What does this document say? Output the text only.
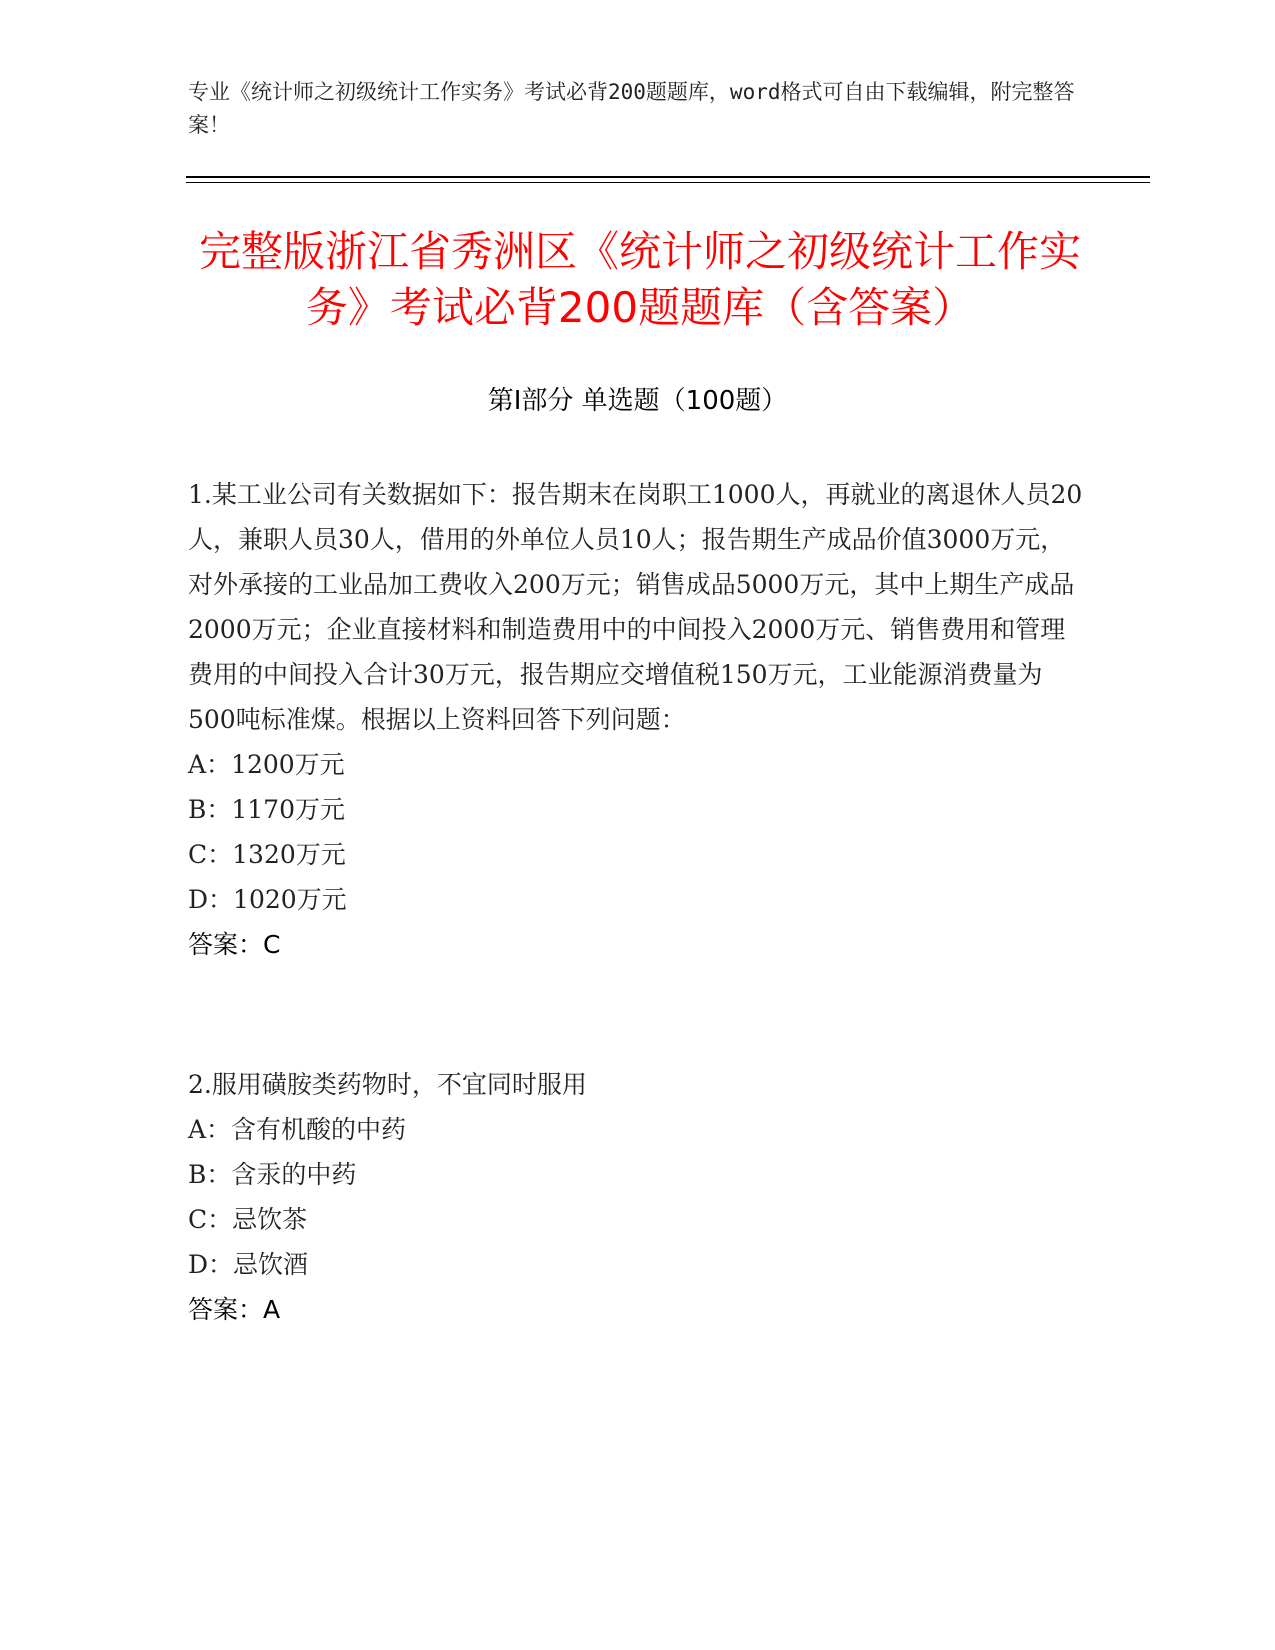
专业《统计师之初级统计工作实务》考试必背200题题库，word格式可自由下载编辑，附完整答案！
完整版浙江省秀洲区《统计师之初级统计工作实务》考试必背200题题库（含答案）
第I部分 单选题（100题）

1.某工业公司有关数据如下：报告期末在岗职工1000人，再就业的离退休人员20人，兼职人员30人，借用的外单位人员10人；报告期生产成品价值3000万元，对外承接的工业品加工费收入200万元；销售成品5000万元，其中上期生产成品2000万元；企业直接材料和制造费用中的中间投入2000万元、销售费用和管理费用的中间投入合计30万元，报告期应交增值税150万元，工业能源消费量为500吨标准煤。根据以上资料回答下列问题：

A：1200万元

B：1170万元

C：1320万元

D：1020万元

答案：C

2.服用磺胺类药物时，不宜同时服用

A：含有机酸的中药

B：含汞的中药

C：忌饮茶

D：忌饮酒

答案：A
